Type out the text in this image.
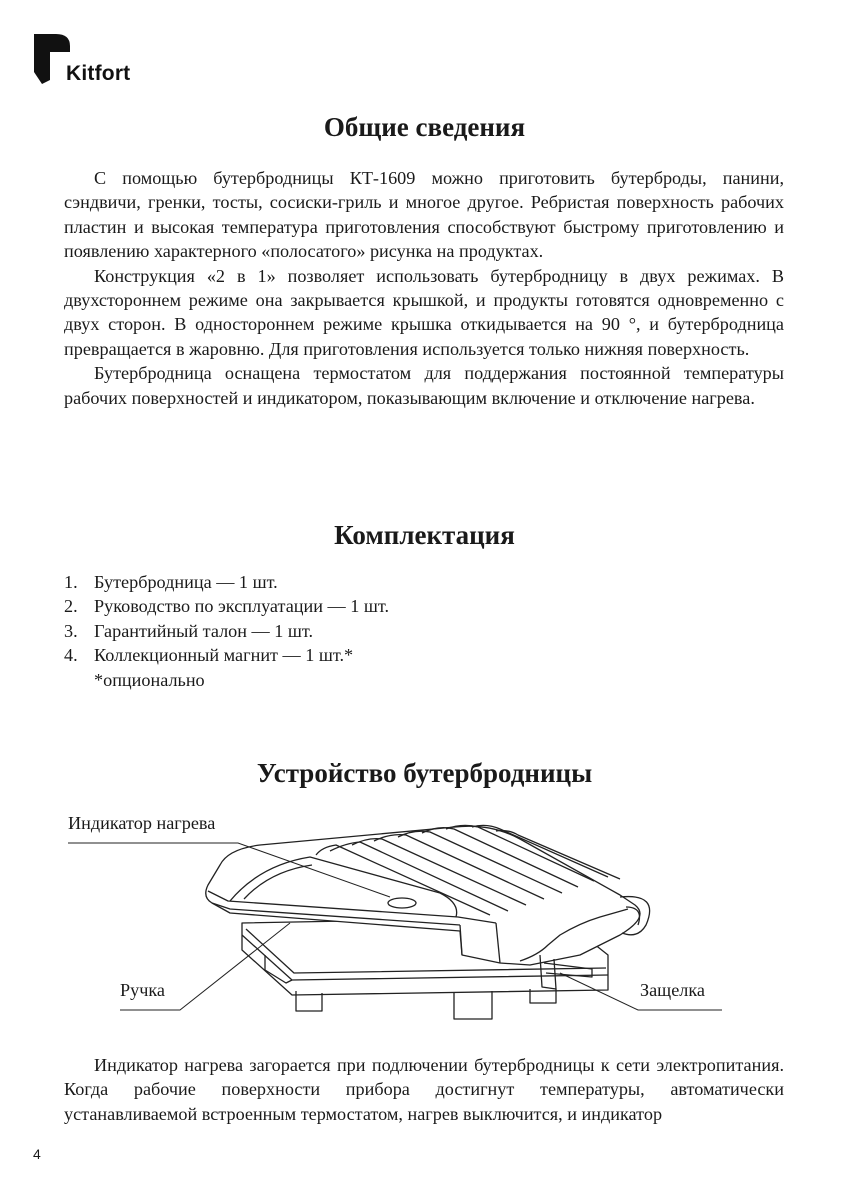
Kitfort
Общие сведения

С помощью бутербродницы КТ-1609 можно приготовить бутерброды, панини, сэндвичи, гренки, тосты, сосиски-гриль и многое другое. Ребристая поверхность рабочих пластин и высокая температура приготовления способствуют быстрому приготовлению и появлению характерного «полосатого» рисунка на продуктах.

Конструкция «2 в 1» позволяет использовать бутербродницу в двух режимах. В двухстороннем режиме она закрывается крышкой, и продукты готовятся одновременно с двух сторон. В одностороннем режиме крышка откидывается на 90 °, и бутербродница превращается в жаровню. Для приготовления используется только нижняя поверхность.

Бутербродница оснащена термостатом для поддержания постоянной температуры рабочих поверхностей и индикатором, показывающим включение и отключение нагрева.

Комплектация
1. Бутербродница — 1 шт.
2. Руководство по эксплуатации — 1 шт.
3. Гарантийный талон — 1 шт.
4. Коллекционный магнит — 1 шт.*
*опционально
Устройство бутербродницы
Индикатор нагрева
Ручка	Защелка

Индикатор нагрева загорается при подлючении бутербродницы к сети электропитания. Когда рабочие поверхности прибора достигнут температуры, автоматически устанавливаемой встроенным термостатом, нагрев выключится, и индикатор

4
